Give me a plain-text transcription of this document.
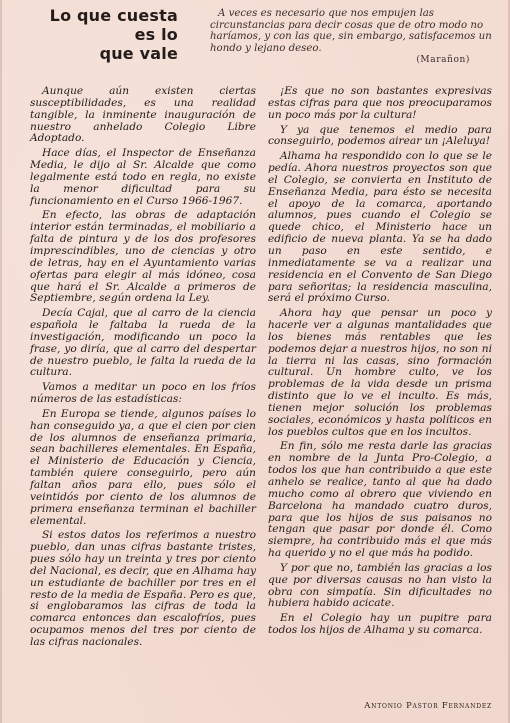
Lo que cuesta
es lo
que vale
A veces es necesario que nos empujen las circunstancias para decir cosas que de otro modo no haríamos, y con las que, sin embargo, satisfacemos un hondo y lejano deseo.
(Marañon)

Aunque aún existen ciertas susceptibilidades, es una realidad tangible, la inminente inauguración de nuestro anhelado Colegio Libre Adoptado.

Hace días, el Inspector de Enseñanza Media, le dijo al Sr. Alcalde que como legalmente está todo en regla, no existe la menor dificultad para su funcionamiento en el Curso 1966-1967.

En efecto, las obras de adaptación interior están terminadas, el mobiliario a falta de pintura y de los dos profesores imprescindibles, uno de ciencias y otro de letras, hay en el Ayuntamiento varias ofertas para elegir al más idóneo, cosa que hará el Sr. Alcalde a primeros de Septiembre, según ordena la Ley.

Decía Cajal, que al carro de la ciencia española le faltaba la rueda de la investigación, modificando un poco la frase, yo diría, que al carro del despertar de nuestro pueblo, le falta la rueda de la cultura.

Vamos a meditar un poco en los fríos números de las estadísticas:

En Europa se tiende, algunos países lo han conseguido ya, a que el cien por cien de los alumnos de enseñanza primaria, sean bachilleres elementales. En España, el Ministerio de Educación y Ciencia, también quiere conseguirlo, pero aún faltan años para ello, pues sólo el veintidós por ciento de los alumnos de primera enseñanza terminan el bachiller elemental.

Si estos datos los referimos a nuestro pueblo, dan unas cifras bastante tristes, pues sólo hay un treinta y tres por ciento del Nacional, es decir, que en Alhama hay un estudiante de bachiller por tres en el resto de la media de España. Pero es que, si englobaramos las cifras de toda la comarca entonces dan escalofríos, pues ocupamos menos del tres por ciento de las cifras nacionales.

¡Es que no son bastantes expresivas estas cifras para que nos preocuparamos un poco más por la cultura!

Y ya que tenemos el medio para conseguirlo, podemos airear un ¡Aleluya!

Alhama ha respondido con lo que se le pedía. Ahora nuestros proyectos son que el Colegio, se convierta en Instituto de Enseñanza Media, para ésto se necesita el apoyo de la comarca, aportando alumnos, pues cuando el Colegio se quede chico, el Ministerio hace un edificio de nueva planta. Ya se ha dado un paso en este sentido, e inmediatamente se va a realizar una residencia en el Convento de San Diego para señoritas; la residencia masculina, será el próximo Curso.

Ahora hay que pensar un poco y hacerle ver a algunas mantalidades que los bienes más rentables que les podemos dejar a nuestros hijos, no son ni la tierra ni las casas, sino formación cultural. Un hombre culto, ve los problemas de la vida desde un prisma distinto que lo ve el inculto. Es más, tienen mejor solución los problemas sociales, económicos y hasta políticos en los pueblos cultos que en los incultos.

En fin, sólo me resta darle las gracias en nombre de la Junta Pro-Colegio, a todos los que han contribuido a que este anhelo se realice, tanto al que ha dado mucho como al obrero que viviendo en Barcelona ha mandado cuatro duros, para que los hijos de sus paisanos no tengan que pasar por donde él. Como siempre, ha contribuido más el que más ha querido y no el que más ha podido.

Y por que no, también las gracias a los que por diversas causas no han visto la obra con simpatía. Sin dificultades no hubiera habido acicate.

En el Colegio hay un pupitre para todos los hijos de Alhama y su comarca.

Antonio Pastor Fernandez
